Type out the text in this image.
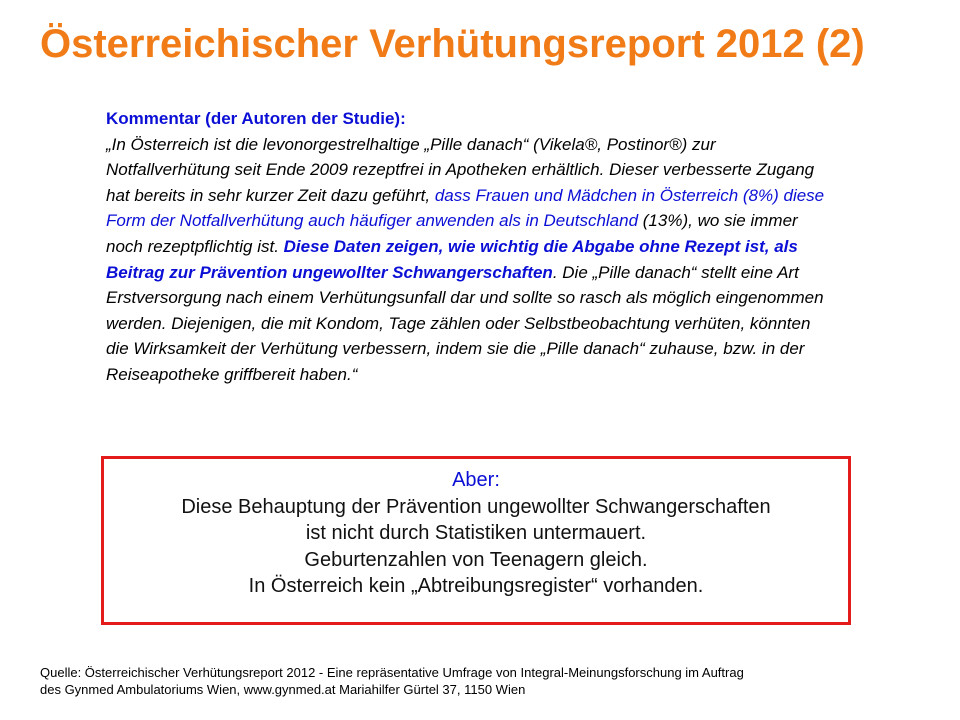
Österreichischer Verhütungsreport 2012 (2)
Kommentar (der Autoren der Studie):
„In Österreich ist die levonorgestrelhaltige „Pille danach“ (Vikela®, Postinor®) zur Notfallverhütung seit Ende 2009 rezeptfrei in Apotheken erhältlich. Dieser verbesserte Zugang hat bereits in sehr kurzer Zeit dazu geführt, dass Frauen und Mädchen in Österreich (8%) diese Form der Notfallverhütung auch häufiger anwenden als in Deutschland (13%), wo sie immer noch rezeptpflichtig ist. Diese Daten zeigen, wie wichtig die Abgabe ohne Rezept ist, als Beitrag zur Prävention ungewollter Schwangerschaften. Die „Pille danach“ stellt eine Art Erstversorgung nach einem Verhütungsunfall dar und sollte so rasch als möglich eingenommen werden. Diejenigen, die mit Kondom, Tage zählen oder Selbstbeobachtung verhüten, könnten die Wirksamkeit der Verhütung verbessern, indem sie die „Pille danach“ zuhause, bzw. in der Reiseapotheke griffbereit haben.“
Aber:
Diese Behauptung der Prävention ungewollter Schwangerschaften
ist nicht durch Statistiken untermauert.
Geburtenzahlen von Teenagern gleich.
In Österreich kein „Abtreibungsregister“ vorhanden.
Quelle: Österreichischer Verhütungsreport 2012 - Eine repräsentative Umfrage von Integral-Meinungsforschung im Auftrag
des Gynmed Ambulatoriums Wien, www.gynmed.at Mariahilfer Gürtel 37, 1150 Wien
